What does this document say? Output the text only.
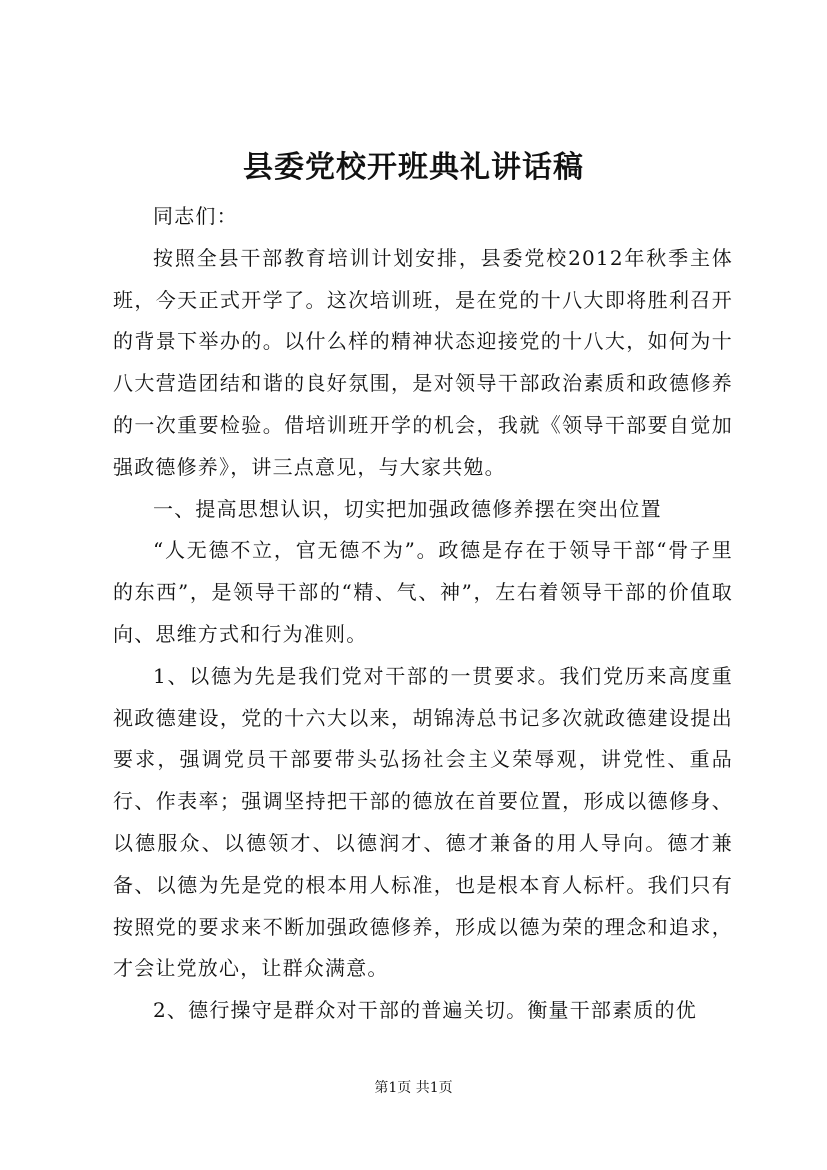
县委党校开班典礼讲话稿

同志们：

按照全县干部教育培训计划安排，县委党校2012年秋季主体班，今天正式开学了。这次培训班，是在党的十八大即将胜利召开的背景下举办的。以什么样的精神状态迎接党的十八大，如何为十八大营造团结和谐的良好氛围，是对领导干部政治素质和政德修养的一次重要检验。借培训班开学的机会，我就《领导干部要自觉加强政德修养》，讲三点意见，与大家共勉。

一、提高思想认识，切实把加强政德修养摆在突出位置

“人无德不立，官无德不为”。政德是存在于领导干部“骨子里的东西”，是领导干部的“精、气、神”，左右着领导干部的价值取向、思维方式和行为准则。

1、以德为先是我们党对干部的一贯要求。我们党历来高度重视政德建设，党的十六大以来，胡锦涛总书记多次就政德建设提出要求，强调党员干部要带头弘扬社会主义荣辱观，讲党性、重品行、作表率；强调坚持把干部的德放在首要位置，形成以德修身、以德服众、以德领才、以德润才、德才兼备的用人导向。德才兼备、以德为先是党的根本用人标准，也是根本育人标杆。我们只有按照党的要求来不断加强政德修养，形成以德为荣的理念和追求，才会让党放心，让群众满意。

2、德行操守是群众对干部的普遍关切。衡量干部素质的优

第1页 共1页
